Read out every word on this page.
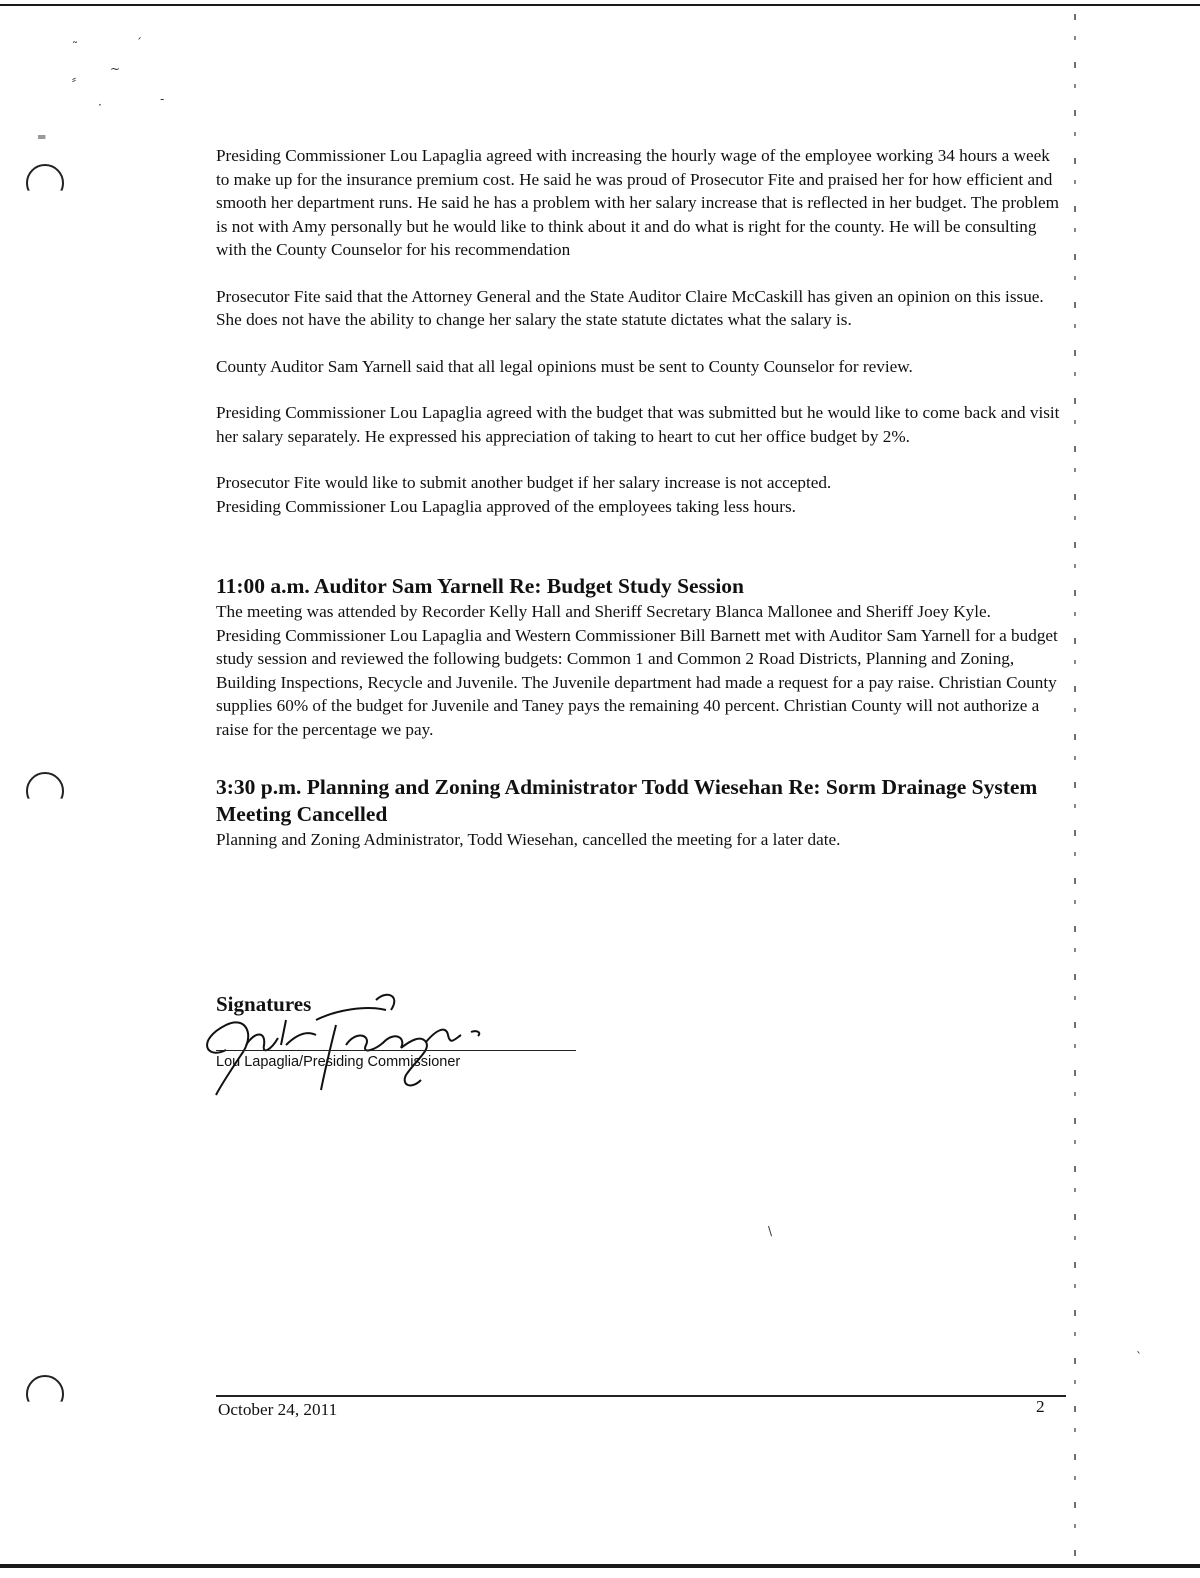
˜	´
⸗
~
·	-
═
`
\

Presiding Commissioner Lou Lapaglia agreed with increasing the hourly wage of the employee working 34 hours a week to make up for the insurance premium cost. He said he was proud of Prosecutor Fite and praised her for how efficient and smooth her department runs. He said he has a problem with her salary increase that is reflected in her budget. The problem is not with Amy personally but he would like to think about it and do what is right for the county. He will be consulting with the County Counselor for his recommendation

Prosecutor Fite said that the Attorney General and the State Auditor Claire McCaskill has given an opinion on this issue. She does not have the ability to change her salary the state statute dictates what the salary is.

County Auditor Sam Yarnell said that all legal opinions must be sent to County Counselor for review.

Presiding Commissioner Lou Lapaglia agreed with the budget that was submitted but he would like to come back and visit her salary separately. He expressed his appreciation of taking to heart to cut her office budget by 2%.

Prosecutor Fite would like to submit another budget if her salary increase is not accepted.

Presiding Commissioner Lou Lapaglia approved of the employees taking less hours.

11:00 a.m. Auditor Sam Yarnell Re: Budget Study Session

The meeting was attended by Recorder Kelly Hall and Sheriff Secretary Blanca Mallonee and Sheriff Joey Kyle.

Presiding Commissioner Lou Lapaglia and Western Commissioner Bill Barnett met with Auditor Sam Yarnell for a budget study session and reviewed the following budgets: Common 1 and Common 2 Road Districts, Planning and Zoning, Building Inspections, Recycle and Juvenile. The Juvenile department had made a request for a pay raise. Christian County supplies 60% of the budget for Juvenile and Taney pays the remaining 40 percent. Christian County will not authorize a raise for the percentage we pay.

3:30 p.m. Planning and Zoning Administrator Todd Wiesehan Re: Sorm Drainage System Meeting Cancelled

Planning and Zoning Administrator, Todd Wiesehan, cancelled the meeting for a later date.

Signatures
Lou Lapaglia/Presiding Commissioner
October 24, 2011	2
